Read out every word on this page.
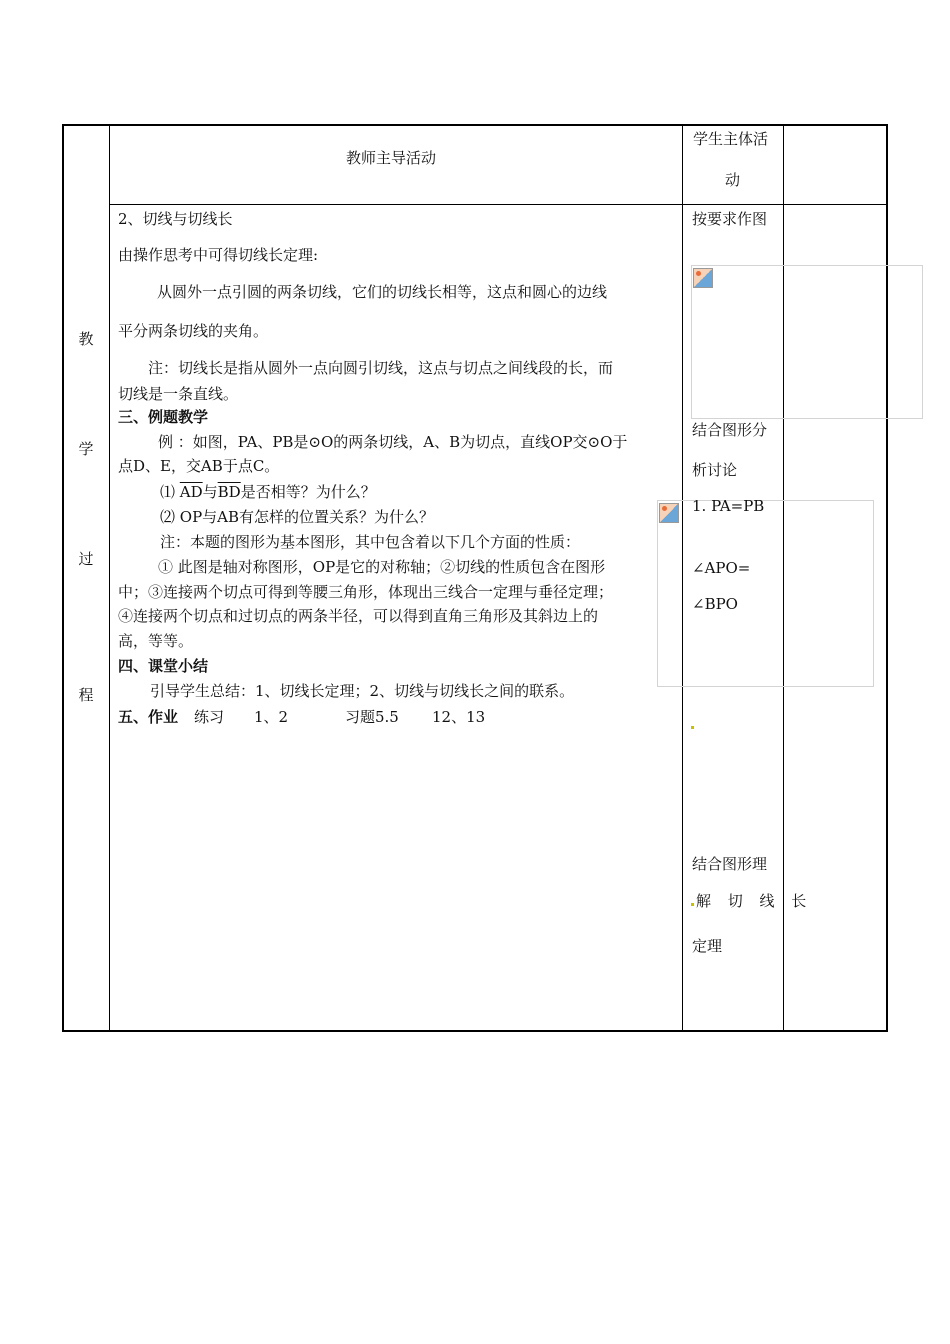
教
学
过
程
教师主导活动
学生主体活
动
2、切线与切线长
由操作思考中可得切线长定理:
从圆外一点引圆的两条切线，它们的切线长相等，这点和圆心的边线
平分两条切线的夹角。
注：切线长是指从圆外一点向圆引切线，这点与切点之间线段的长，而
切线是一条直线。
三、例题教学
例 ：如图，PA、PB是⊙O的两条切线，A、B为切点，直线OP交⊙O于
点D、E，交AB于点C。
⑴ $\overline{AD}$与$\overline{BD}$是否相等？为什么？
⑵ OP与AB有怎样的位置关系？为什么？
注：本题的图形为基本图形，其中包含着以下几个方面的性质：
① 此图是轴对称图形，OP是它的对称轴；②切线的性质包含在图形
中；③连接两个切点可得到等腰三角形，体现出三线合一定理与垂径定理；
④连接两个切点和过切点的两条半径，可以得到直角三角形及其斜边上的
高，等等。
四、课堂小结
引导学生总结：1、切线长定理；2、切线与切线长之间的联系。
五、作业 练习 1、2	习题5.5 12、13
按要求作图
结合图形分
析讨论
1. PA=PB
∠APO=
∠BPO
结合图形理
解 切 线 长
定理
